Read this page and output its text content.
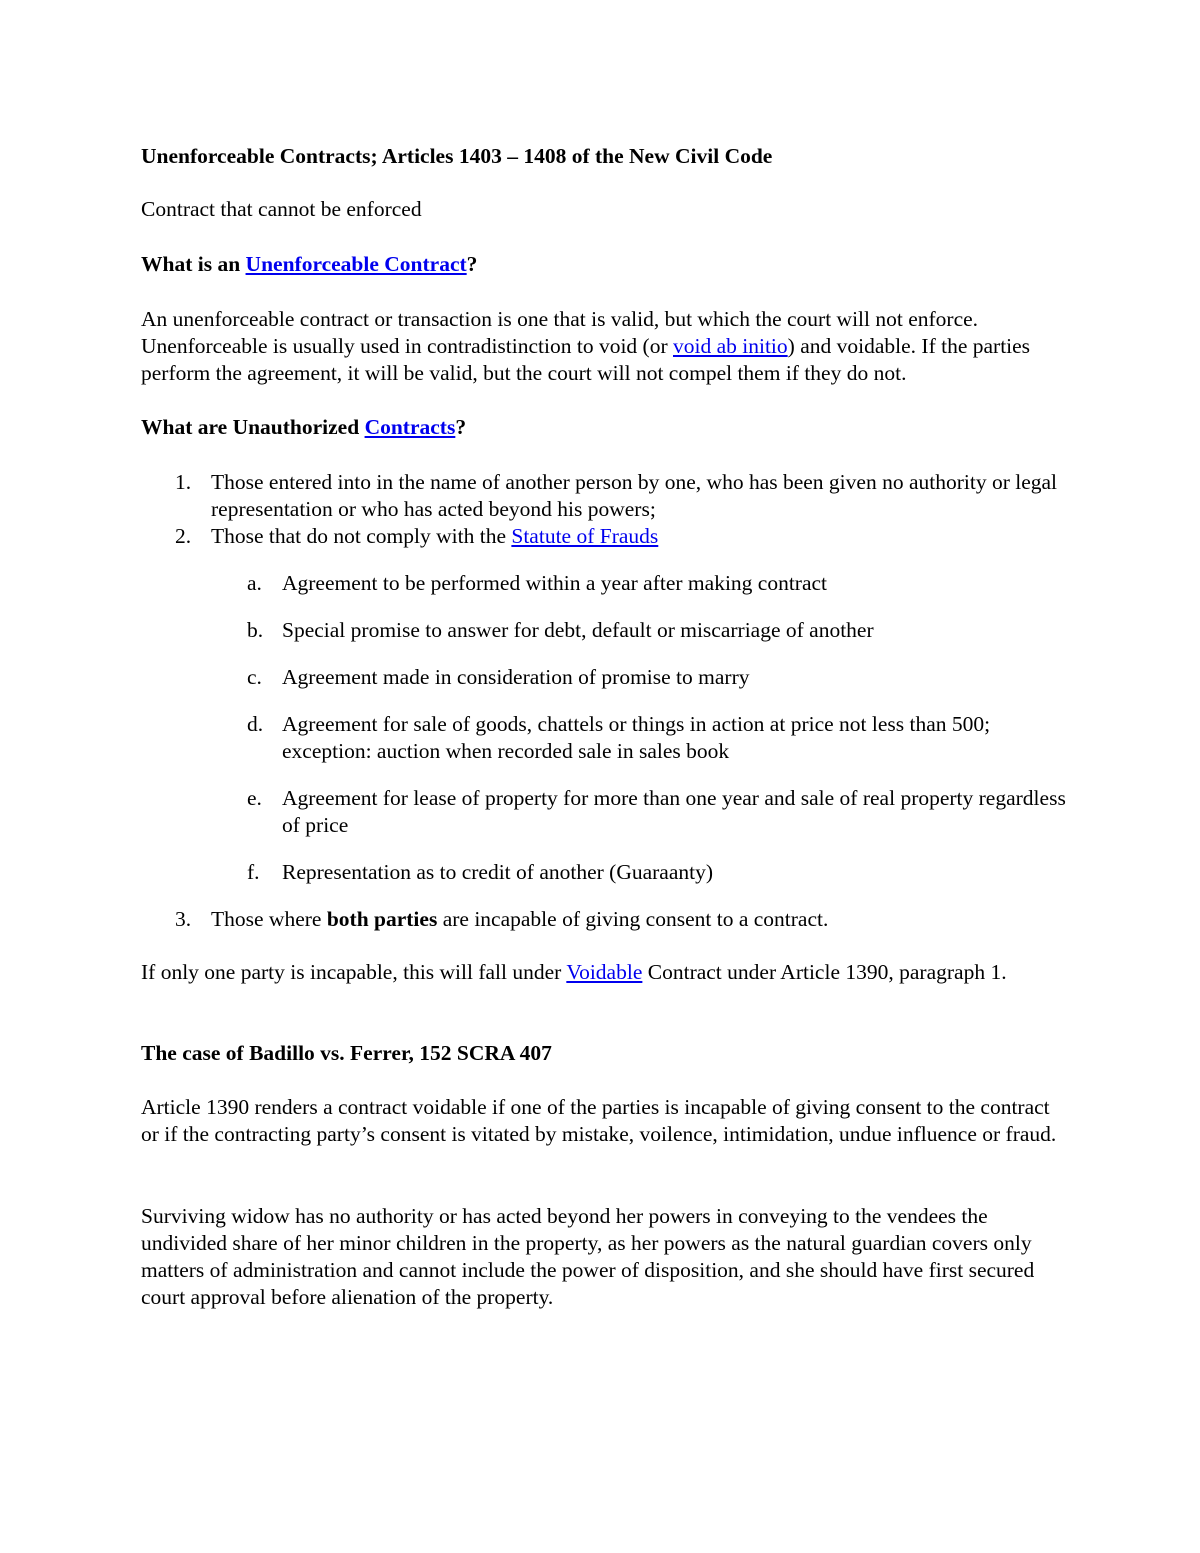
Unenforceable Contracts; Articles 1403 – 1408 of the New Civil Code

Contract that cannot be enforced

What is an Unenforceable Contract?

An unenforceable contract or transaction is one that is valid, but which the court will not enforce. Unenforceable is usually used in contradistinction to void (or void ab initio) and voidable. If the parties perform the agreement, it will be valid, but the court will not compel them if they do not.

What are Unauthorized Contracts?

1. Those entered into in the name of another person by one, who has been given no authority or legal representation or who has acted beyond his powers;
2. Those that do not comply with the Statute of Frauds
a. Agreement to be performed within a year after making contract
b. Special promise to answer for debt, default or miscarriage of another
c. Agreement made in consideration of promise to marry
d. Agreement for sale of goods, chattels or things in action at price not less than 500; exception: auction when recorded sale in sales book
e. Agreement for lease of property for more than one year and sale of real property regardless of price
f. Representation as to credit of another (Guaraanty)
3. Those where both parties are incapable of giving consent to a contract.

If only one party is incapable, this will fall under Voidable Contract under Article 1390, paragraph 1.

The case of Badillo vs. Ferrer, 152 SCRA 407

Article 1390 renders a contract voidable if one of the parties is incapable of giving consent to the contract or if the contracting party’s consent is vitated by mistake, voilence, intimidation, undue influence or fraud.

Surviving widow has no authority or has acted beyond her powers in conveying to the vendees the undivided share of her minor children in the property, as her powers as the natural guardian covers only matters of administration and cannot include the power of disposition, and she should have first secured court approval before alienation of the property.
